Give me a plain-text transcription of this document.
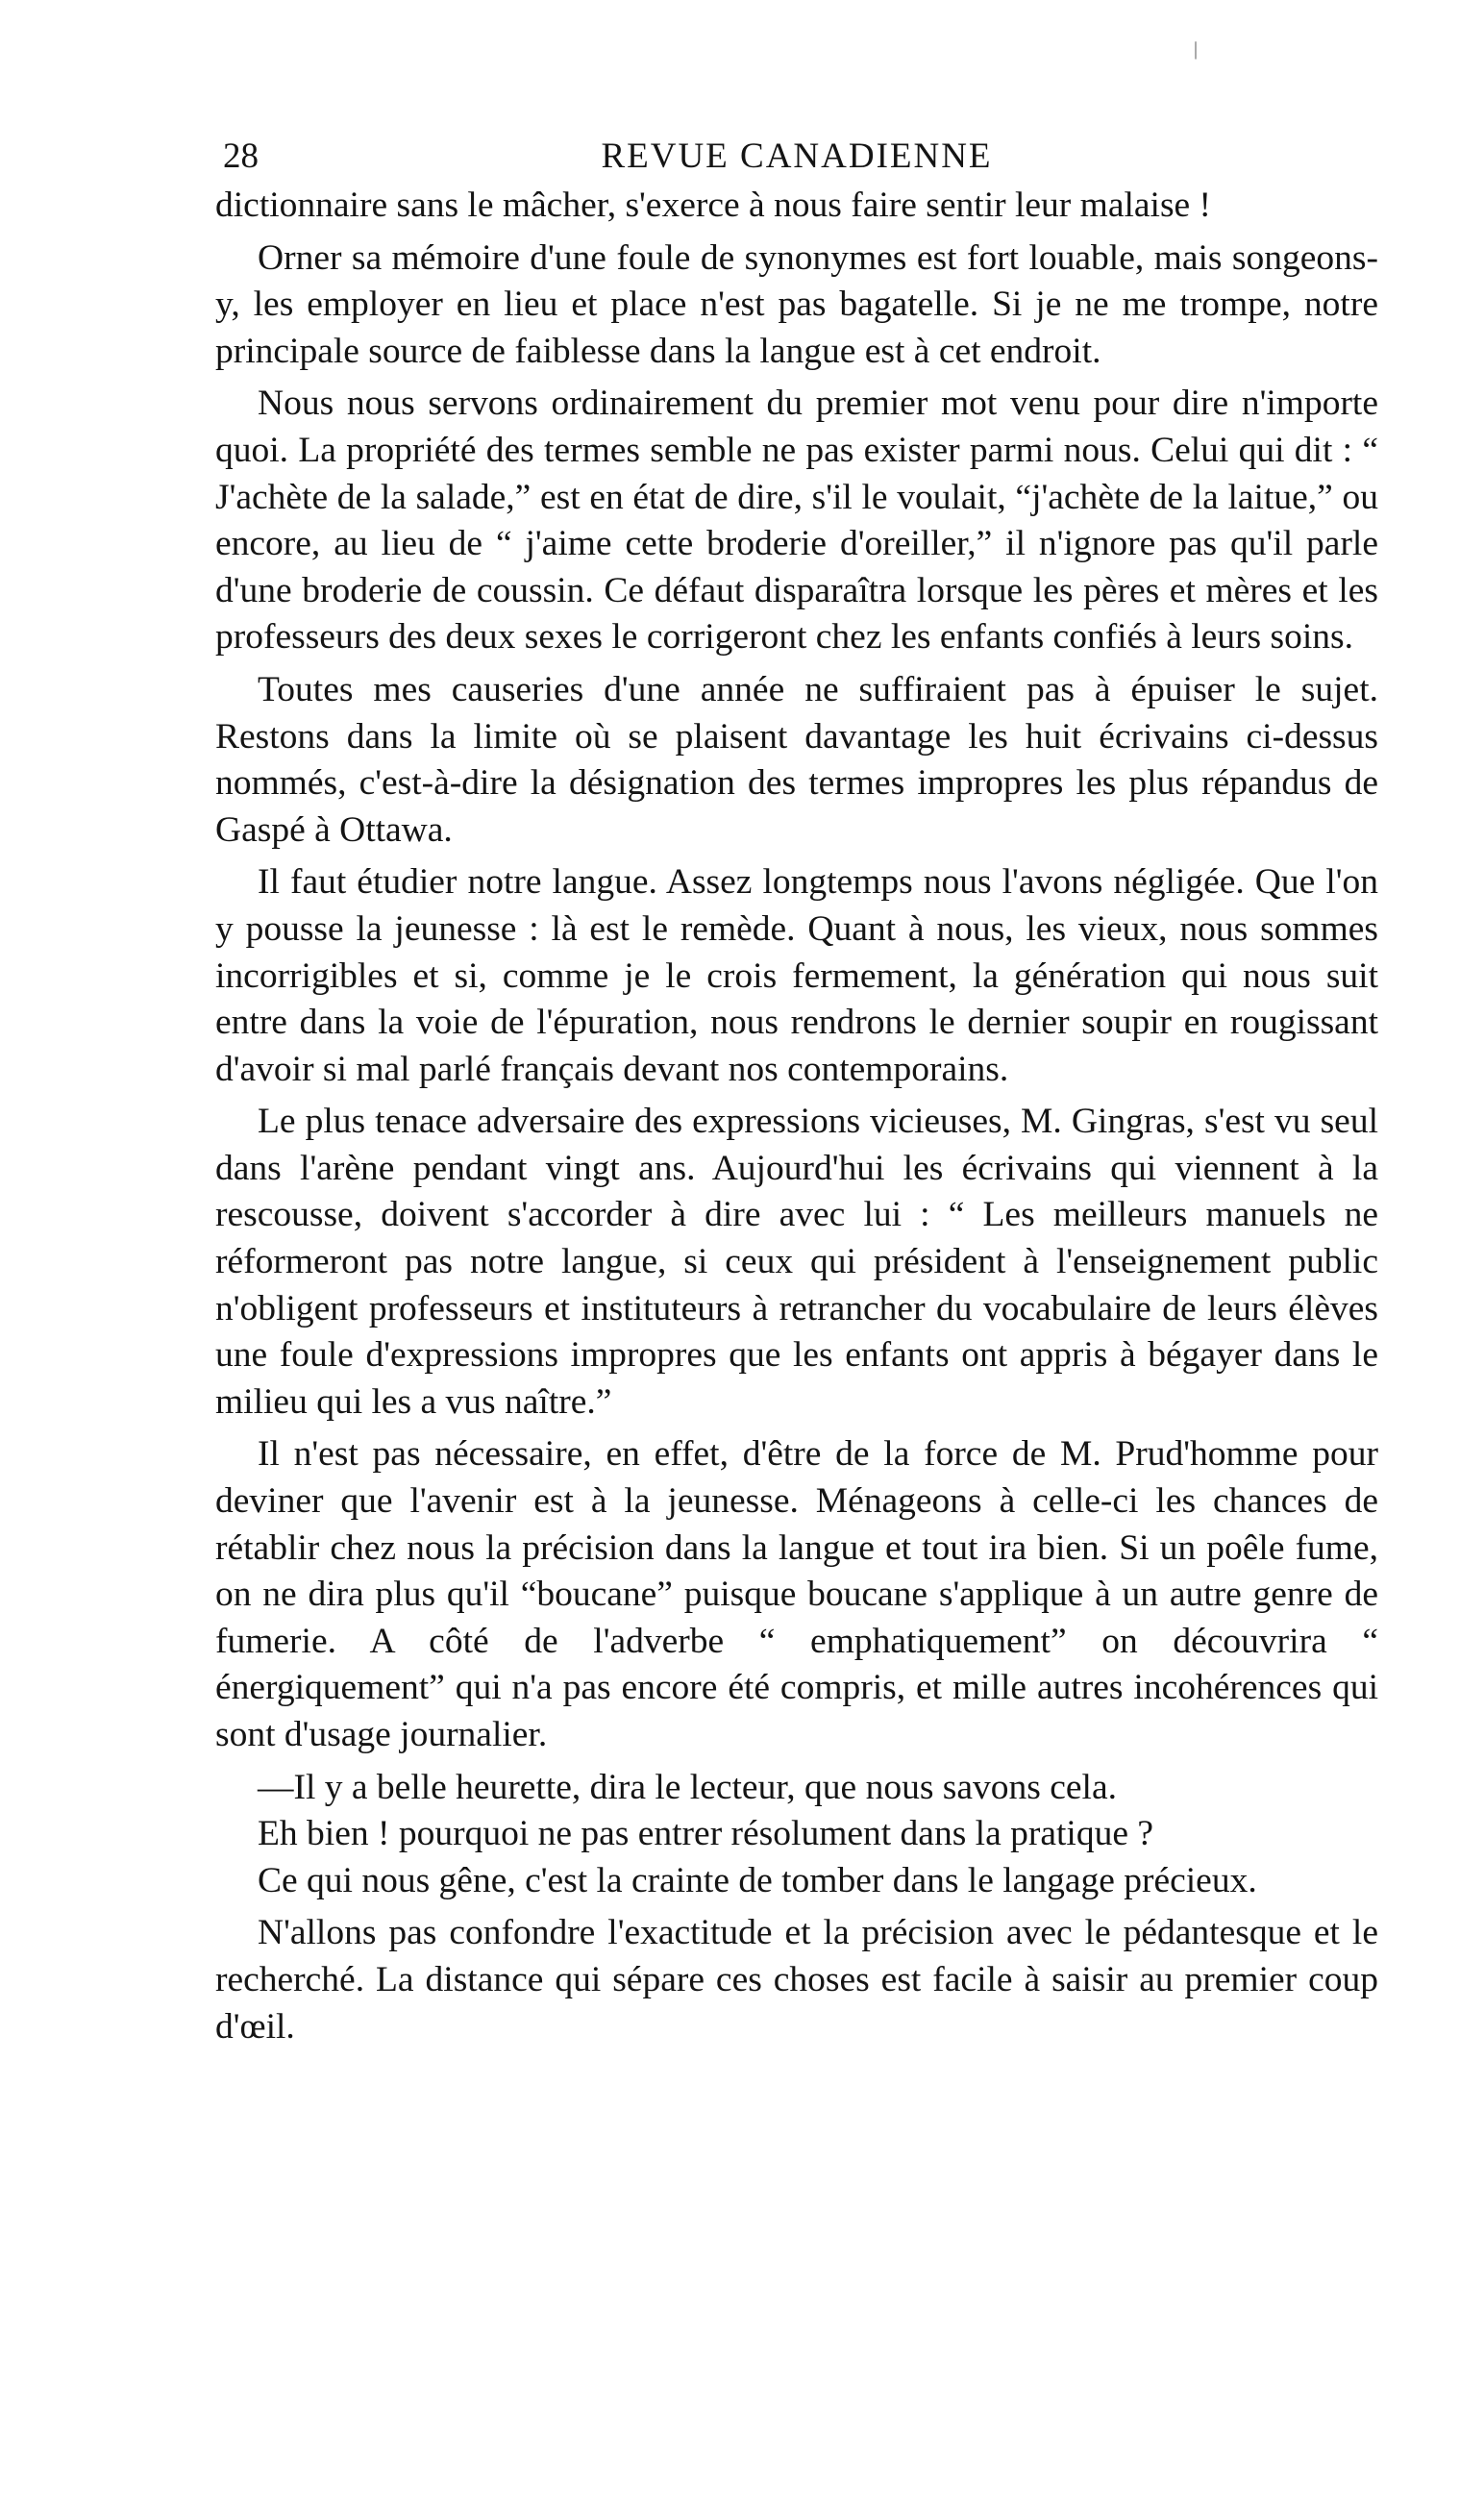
|
28	REVUE CANADIENNE

dictionnaire sans le mâcher, s'exerce à nous faire sentir leur malaise !

Orner sa mémoire d'une foule de synonymes est fort louable, mais songeons-y, les employer en lieu et place n'est pas bagatelle. Si je ne me trompe, notre principale source de faiblesse dans la langue est à cet endroit.

Nous nous servons ordinairement du premier mot venu pour dire n'importe quoi. La propriété des termes semble ne pas exister parmi nous. Celui qui dit : “ J'achète de la salade,” est en état de dire, s'il le voulait, “j'achète de la laitue,” ou encore, au lieu de “ j'aime cette broderie d'oreiller,” il n'ignore pas qu'il parle d'une broderie de coussin. Ce défaut disparaîtra lorsque les pères et mères et les professeurs des deux sexes le corrigeront chez les enfants confiés à leurs soins.

Toutes mes causeries d'une année ne suffiraient pas à épuiser le sujet. Restons dans la limite où se plaisent davantage les huit écrivains ci-dessus nommés, c'est-à-dire la désignation des termes impropres les plus répandus de Gaspé à Ottawa.

Il faut étudier notre langue. Assez longtemps nous l'avons négligée. Que l'on y pousse la jeunesse : là est le remède. Quant à nous, les vieux, nous sommes incorrigibles et si, comme je le crois fermement, la génération qui nous suit entre dans la voie de l'épuration, nous rendrons le dernier soupir en rougissant d'avoir si mal parlé français devant nos contemporains.

Le plus tenace adversaire des expressions vicieuses, M. Gingras, s'est vu seul dans l'arène pendant vingt ans. Aujourd'hui les écrivains qui viennent à la rescousse, doivent s'accorder à dire avec lui : “ Les meilleurs manuels ne réformeront pas notre langue, si ceux qui président à l'enseignement public n'obligent professeurs et instituteurs à retrancher du vocabulaire de leurs élèves une foule d'expressions impropres que les enfants ont appris à bégayer dans le milieu qui les a vus naître.”

Il n'est pas nécessaire, en effet, d'être de la force de M. Prud'homme pour deviner que l'avenir est à la jeunesse. Ménageons à celle-ci les chances de rétablir chez nous la précision dans la langue et tout ira bien. Si un poêle fume, on ne dira plus qu'il “boucane” puisque boucane s'applique à un autre genre de fumerie. A côté de l'adverbe “ emphatiquement” on découvrira “ énergiquement” qui n'a pas encore été compris, et mille autres incohérences qui sont d'usage journalier.

—Il y a belle heurette, dira le lecteur, que nous savons cela.

Eh bien ! pourquoi ne pas entrer résolument dans la pratique ?

Ce qui nous gêne, c'est la crainte de tomber dans le langage précieux.

N'allons pas confondre l'exactitude et la précision avec le pédantesque et le recherché. La distance qui sépare ces choses est facile à saisir au premier coup d'œil.
